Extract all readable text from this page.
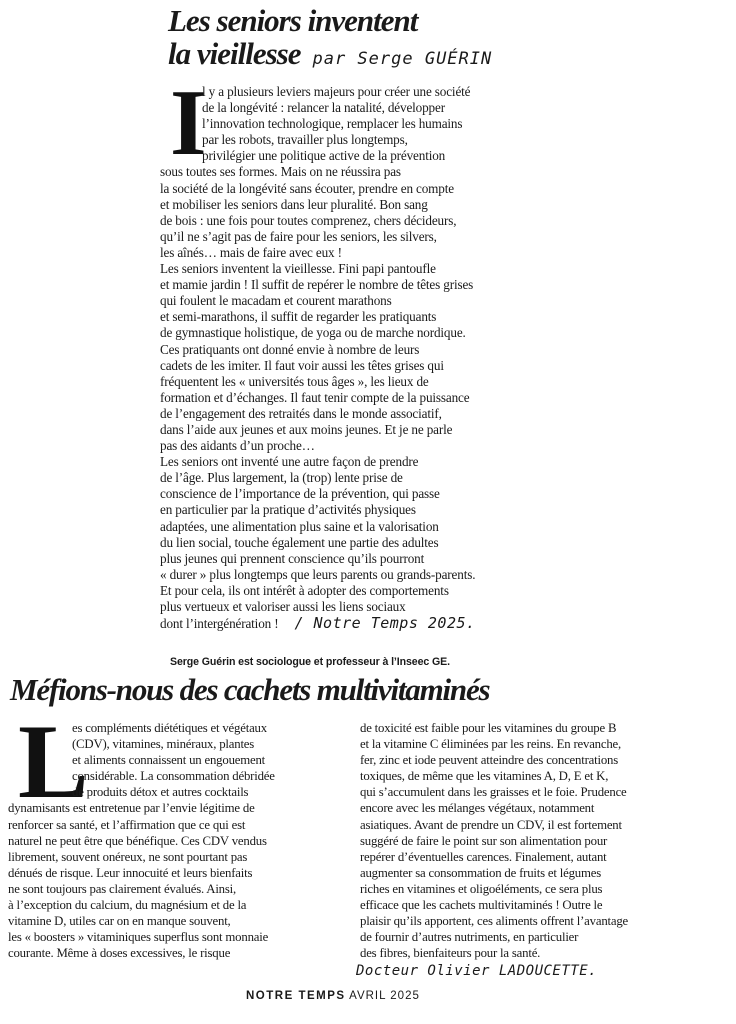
Les seniors inventent
la vieillesse par Serge GUÉRIN
I
l y a plusieurs leviers majeurs pour créer une société
de la longévité : relancer la natalité, développer
l’innovation technologique, remplacer les humains
par les robots, travailler plus longtemps,
privilégier une politique active de la prévention
sous toutes ses formes. Mais on ne réussira pas
la société de la longévité sans écouter, prendre en compte
et mobiliser les seniors dans leur pluralité. Bon sang
de bois : une fois pour toutes comprenez, chers décideurs,
qu’il ne s’agit pas de faire pour les seniors, les silvers,
les aînés… mais de faire avec eux !
Les seniors inventent la vieillesse. Fini papi pantoufle
et mamie jardin ! Il suffit de repérer le nombre de têtes grises
qui foulent le macadam et courent marathons
et semi-marathons, il suffit de regarder les pratiquants
de gymnastique holistique, de yoga ou de marche nordique.
Ces pratiquants ont donné envie à nombre de leurs
cadets de les imiter. Il faut voir aussi les têtes grises qui
fréquentent les « universités tous âges », les lieux de
formation et d’échanges. Il faut tenir compte de la puissance
de l’engagement des retraités dans le monde associatif,
dans l’aide aux jeunes et aux moins jeunes. Et je ne parle
pas des aidants d’un proche…
Les seniors ont inventé une autre façon de prendre
de l’âge. Plus largement, la (trop) lente prise de
conscience de l’importance de la prévention, qui passe
en particulier par la pratique d’activités physiques
adaptées, une alimentation plus saine et la valorisation
du lien social, touche également une partie des adultes
plus jeunes qui prennent conscience qu’ils pourront
« durer » plus longtemps que leurs parents ou grands-parents.
Et pour cela, ils ont intérêt à adopter des comportements
plus vertueux et valoriser aussi les liens sociaux
dont l’intergénération ! / Notre Temps 2025.
Serge Guérin est sociologue et professeur à l’Inseec GE.
Méfions-nous des cachets multivitaminés
L
es compléments diététiques et végétaux
(CDV), vitamines, minéraux, plantes
et aliments connaissent un engouement
considérable. La consommation débridée
de produits détox et autres cocktails
dynamisants est entretenue par l’envie légitime de
renforcer sa santé, et l’affirmation que ce qui est
naturel ne peut être que bénéfique. Ces CDV vendus
librement, souvent onéreux, ne sont pourtant pas
dénués de risque. Leur innocuité et leurs bienfaits
ne sont toujours pas clairement évalués. Ainsi,
à l’exception du calcium, du magnésium et de la
vitamine D, utiles car on en manque souvent,
les « boosters » vitaminiques superflus sont monnaie
courante. Même à doses excessives, le risque
de toxicité est faible pour les vitamines du groupe B
et la vitamine C éliminées par les reins. En revanche,
fer, zinc et iode peuvent atteindre des concentrations
toxiques, de même que les vitamines A, D, E et K,
qui s’accumulent dans les graisses et le foie. Prudence
encore avec les mélanges végétaux, notamment
asiatiques. Avant de prendre un CDV, il est fortement
suggéré de faire le point sur son alimentation pour
repérer d’éventuelles carences. Finalement, autant
augmenter sa consommation de fruits et légumes
riches en vitamines et oligoéléments, ce sera plus
efficace que les cachets multivitaminés ! Outre le
plaisir qu’ils apportent, ces aliments offrent l’avantage
de fournir d’autres nutriments, en particulier
des fibres, bienfaiteurs pour la santé.
Docteur Olivier LADOUCETTE.
NOTRE TEMPS AVRIL 2025
